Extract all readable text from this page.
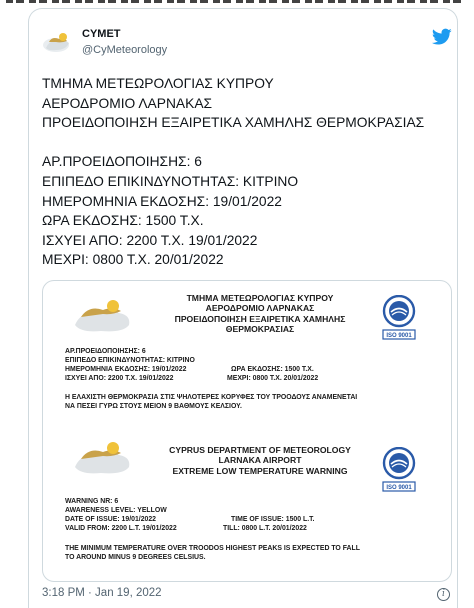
CYMET
@CyMeteorology
ΤΜΗΜΑ ΜΕΤΕΩΡΟΛΟΓΙΑΣ ΚΥΠΡΟΥ
ΑΕΡΟΔΡΟΜΙΟ ΛΑΡΝΑΚΑΣ
ΠΡΟΕΙΔΟΠΟΙΗΣΗ ΕΞΑΙΡΕΤΙΚΑ ΧΑΜΗΛΗΣ ΘΕΡΜΟΚΡΑΣΙΑΣ
ΑΡ.ΠΡΟΕΙΔΟΠΟΙΗΣΗΣ: 6
ΕΠΙΠΕΔΟ ΕΠΙΚΙΝΔΥΝΟΤΗΤΑΣ: ΚΙΤΡΙΝΟ
ΗΜΕΡΟΜΗΝΙΑ ΕΚΔΟΣΗΣ: 19/01/2022
ΩΡΑ ΕΚΔΟΣΗΣ: 1500 Τ.Χ.
ΙΣΧΥΕΙ ΑΠΟ: 2200 Τ.Χ. 19/01/2022
ΜΕΧΡΙ: 0800 Τ.Χ. 20/01/2022
ΤΜΗΜΑ ΜΕΤΕΩΡΟΛΟΓΙΑΣ ΚΥΠΡΟΥ
ΑΕΡΟΔΡΟΜΙΟ ΛΑΡΝΑΚΑΣ
ΠΡΟΕΙΔΟΠΟΙΗΣΗ ΕΞΑΙΡΕΤΙΚΑ ΧΑΜΗΛΗΣ
ΘΕΡΜΟΚΡΑΣΙΑΣ
ISO 9001
ΑΡ.ΠΡΟΕΙΔΟΠΟΙΗΣΗΣ: 6
ΕΠΙΠΕΔΟ ΕΠΙΚΙΝΔΥΝΟΤΗΤΑΣ: ΚΙΤΡΙΝΟ
ΗΜΕΡΟΜΗΝΙΑ ΕΚΔΟΣΗΣ: 19/01/2022	ΩΡΑ ΕΚΔΟΣΗΣ: 1500 Τ.Χ.
ΙΣΧΥΕΙ ΑΠΟ: 2200 Τ.Χ. 19/01/2022	ΜΕΧΡΙ: 0800 Τ.Χ. 20/01/2022
Η ΕΛΑΧΙΣΤΗ ΘΕΡΜΟΚΡΑΣΙΑ ΣΤΙΣ ΨΗΛΟΤΕΡΕΣ ΚΟΡΥΦΕΣ ΤΟΥ ΤΡΟΟΔΟΥΣ ΑΝΑΜΕΝΕΤΑΙ
ΝΑ ΠΕΣΕΙ ΓΥΡΩ ΣΤΟΥΣ ΜΕΙΟΝ 9 ΒΑΘΜΟΥΣ ΚΕΛΣΙΟΥ.
CYPRUS DEPARTMENT OF METEOROLOGY
LARNAKA AIRPORT
EXTREME LOW TEMPERATURE WARNING
ISO 9001
WARNING NR: 6
AWARENESS LEVEL: YELLOW
DATE OF ISSUE: 19/01/2022	TIME OF ISSUE: 1500 L.T.
VALID FROM: 2200 L.T. 19/01/2022	TILL: 0800 L.T. 20/01/2022
THE MINIMUM TEMPERATURE OVER TROODOS HIGHEST PEAKS IS EXPECTED TO FALL
TO AROUND MINUS 9 DEGREES CELSIUS.
3:18 PM · Jan 19, 2022	i
